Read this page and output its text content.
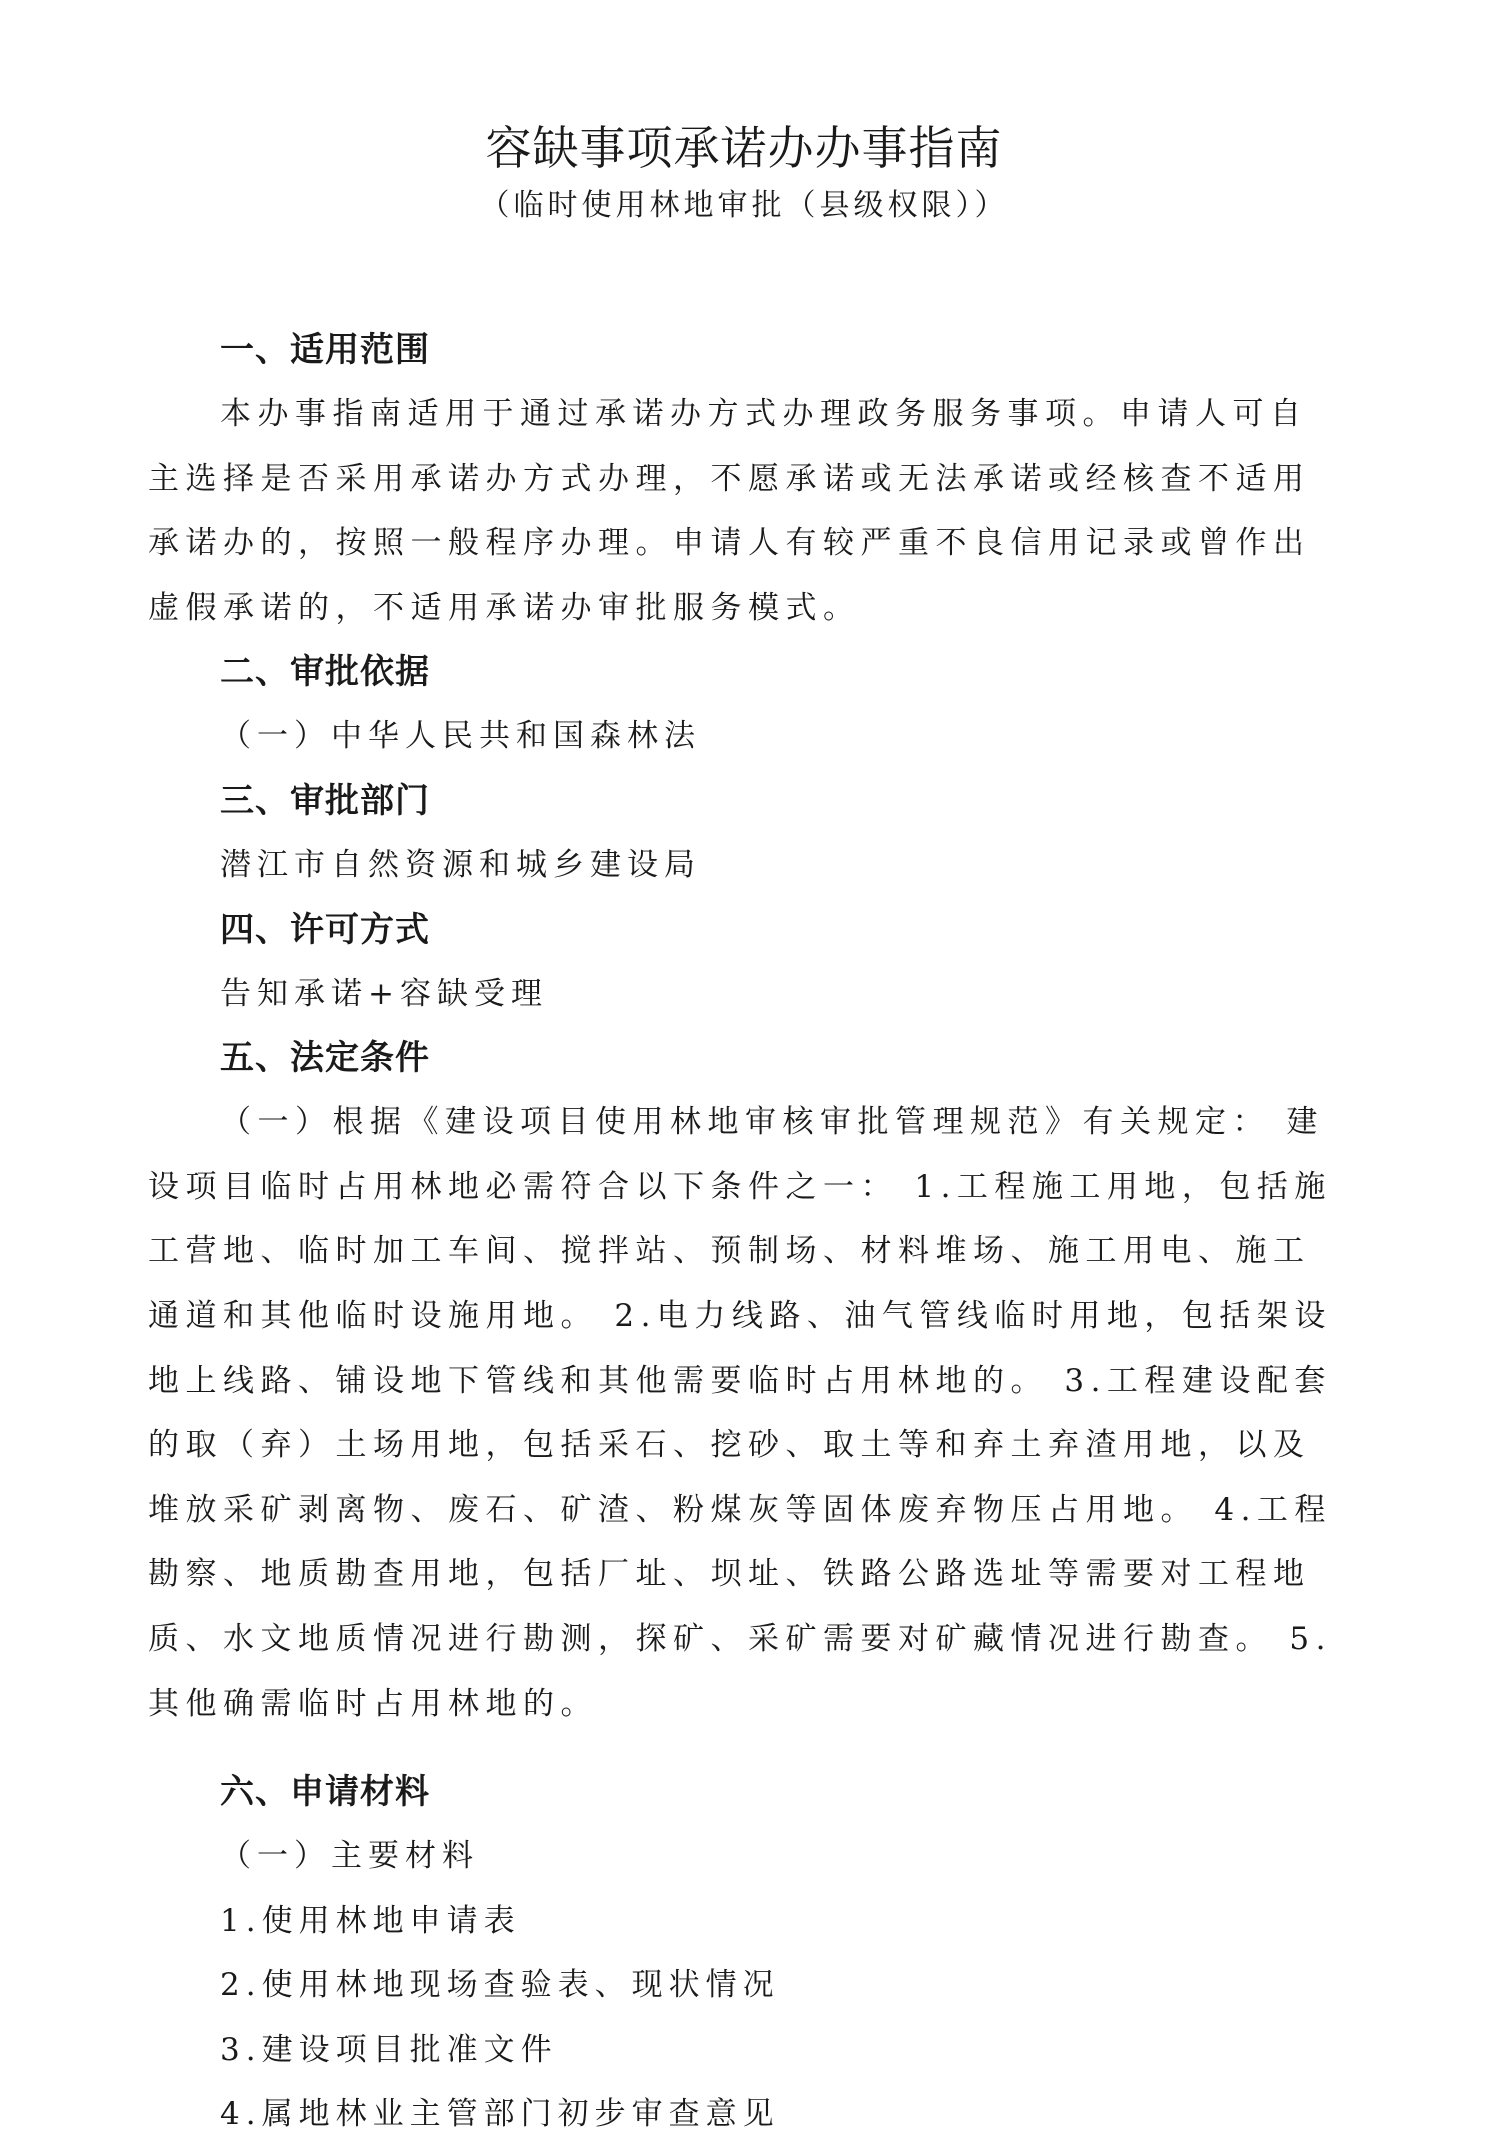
容缺事项承诺办办事指南
（临时使用林地审批（县级权限））
一、适用范围

本办事指南适用于通过承诺办方式办理政务服务事项。申请人可自主选择是否采用承诺办方式办理，不愿承诺或无法承诺或经核查不适用承诺办的，按照一般程序办理。申请人有较严重不良信用记录或曾作出虚假承诺的，不适用承诺办审批服务模式。

二、审批依据
（一）中华人民共和国森林法
三、审批部门
潜江市自然资源和城乡建设局
四、许可方式
告知承诺+容缺受理
五、法定条件

（一）根据《建设项目使用林地审核审批管理规范》有关规定： 建设项目临时占用林地必需符合以下条件之一： 1.工程施工用地，包括施工营地、临时加工车间、搅拌站、预制场、材料堆场、施工用电、施工通道和其他临时设施用地。 2.电力线路、油气管线临时用地，包括架设地上线路、铺设地下管线和其他需要临时占用林地的。 3.工程建设配套的取（弃）土场用地，包括采石、挖砂、取土等和弃土弃渣用地，以及堆放采矿剥离物、废石、矿渣、粉煤灰等固体废弃物压占用地。 4.工程勘察、地质勘查用地，包括厂址、坝址、铁路公路选址等需要对工程地质、水文地质情况进行勘测，探矿、采矿需要对矿藏情况进行勘查。 5.其他确需临时占用林地的。

六、申请材料
（一）主要材料
1.使用林地申请表
2.使用林地现场查验表、现状情况
3.建设项目批准文件
4.属地林业主管部门初步审查意见
